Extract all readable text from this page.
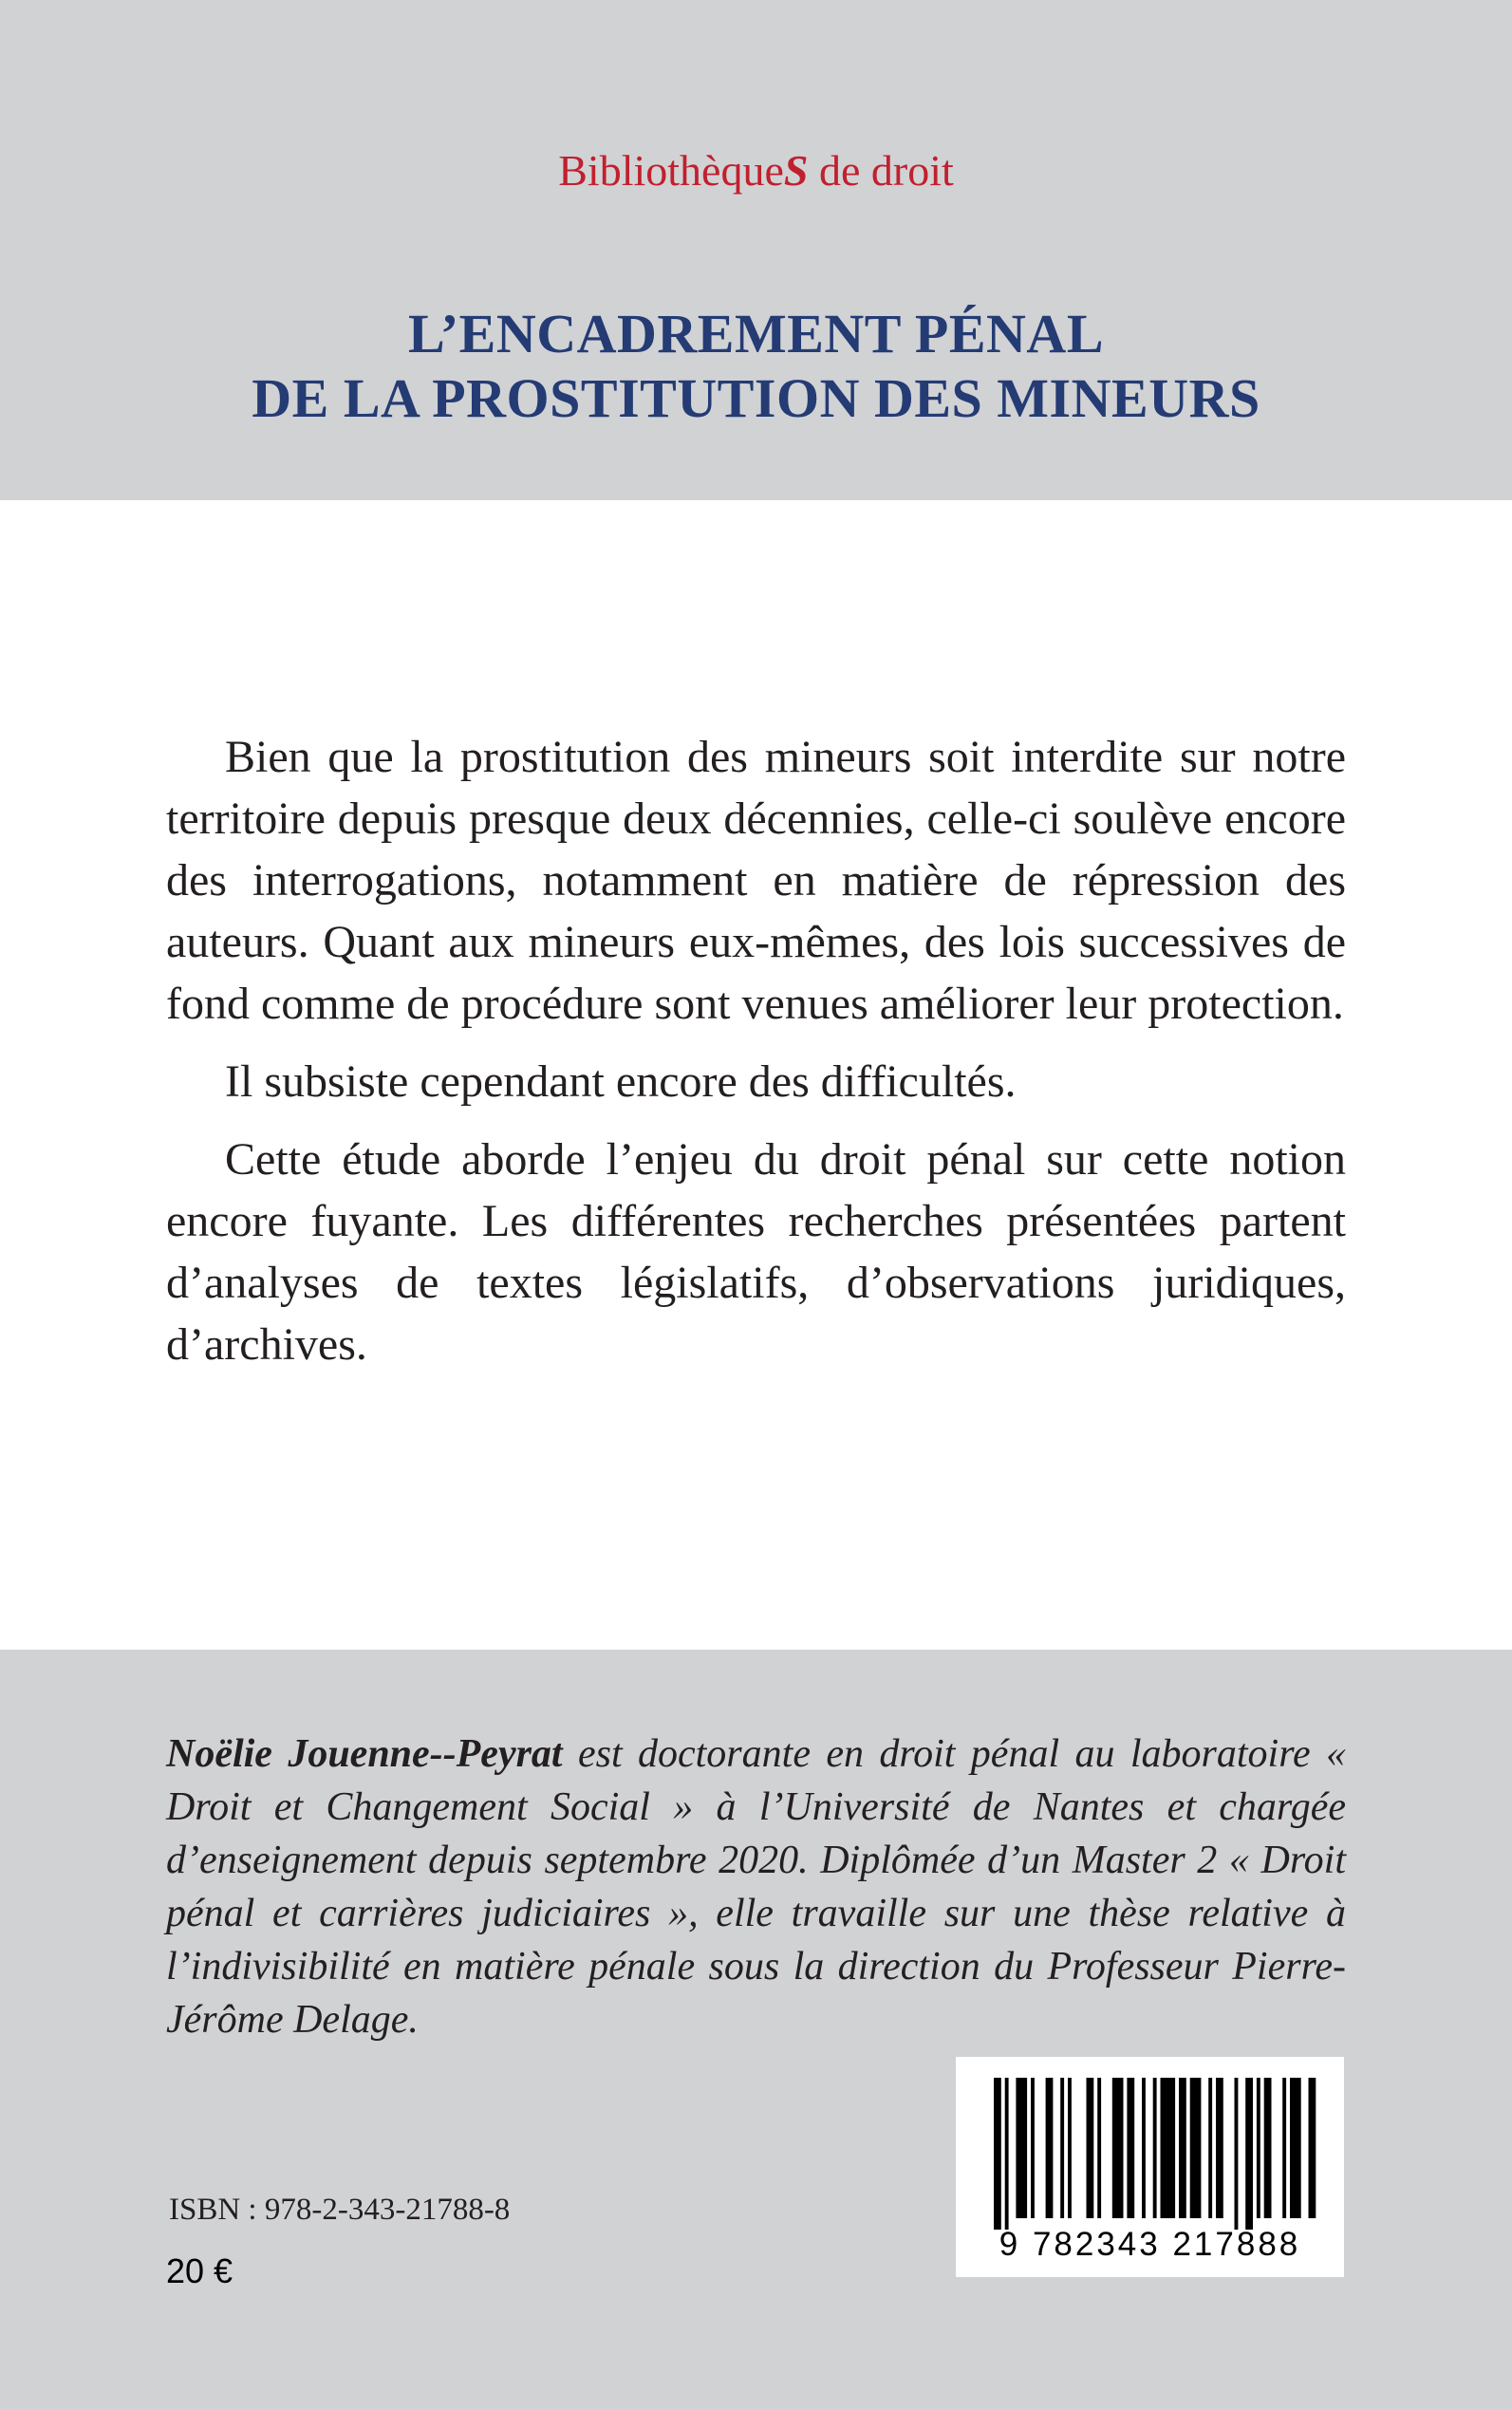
BibliothèqueS de droit
L’ENCADREMENT PÉNAL
DE LA PROSTITUTION DES MINEURS

Bien que la prostitution des mineurs soit interdite sur notre territoire depuis presque deux décennies, celle-ci soulève encore des interrogations, notamment en matière de répression des auteurs. Quant aux mineurs eux-mêmes, des lois successives de fond comme de procédure sont venues améliorer leur protection.

Il subsiste cependant encore des difficultés.

Cette étude aborde l’enjeu du droit pénal sur cette notion encore fuyante. Les différentes recherches présentées partent d’analyses de textes législatifs, d’observations juridiques, d’archives.

Noëlie Jouenne--Peyrat est doctorante en droit pénal au laboratoire « Droit et Changement Social » à l’Université de Nantes et chargée d’enseignement depuis septembre 2020. Diplômée d’un Master 2 « Droit pénal et carrières judiciaires », elle travaille sur une thèse relative à l’indivisibilité en matière pénale sous la direction du Professeur Pierre-Jérôme Delage.
ISBN : 978-2-343-21788-8
20 €
9 782343 217888
